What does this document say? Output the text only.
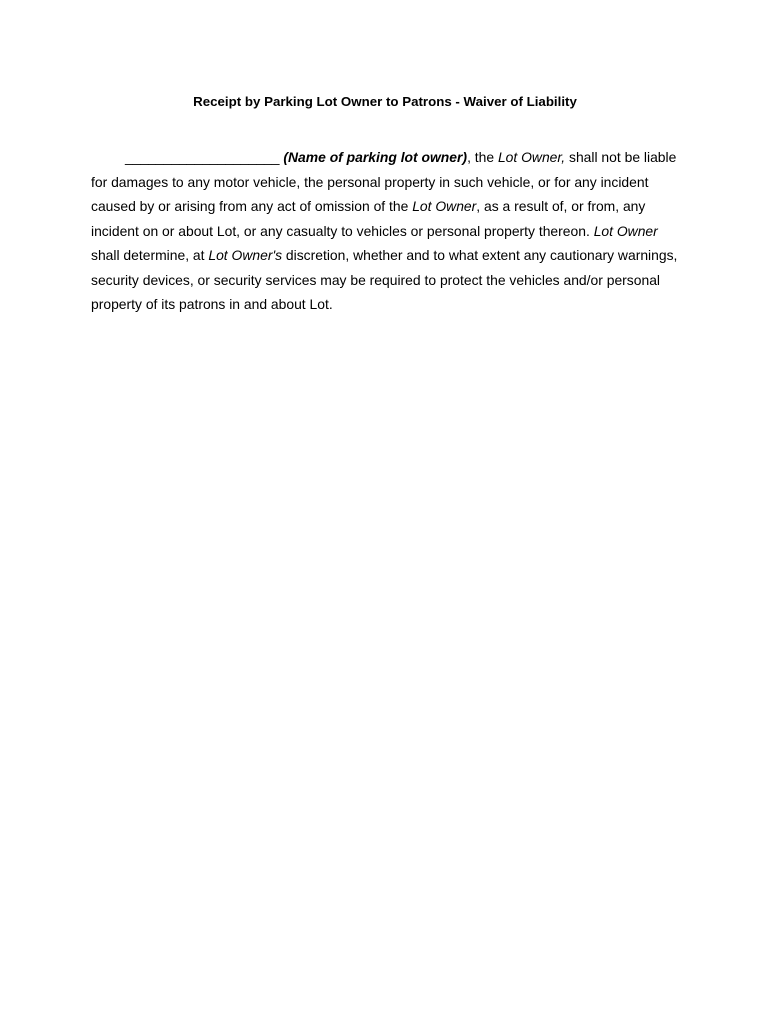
Receipt by Parking Lot Owner to Patrons - Waiver of Liability
____________________ (Name of parking lot owner), the Lot Owner, shall not be liable
for damages to any motor vehicle, the personal property in such vehicle, or for any incident
caused by or arising from any act of omission of the Lot Owner, as a result of, or from, any
incident on or about Lot, or any casualty to vehicles or personal property thereon. Lot Owner
shall determine, at Lot Owner's discretion, whether and to what extent any cautionary warnings,
security devices, or security services may be required to protect the vehicles and/or personal
property of its patrons in and about Lot.
